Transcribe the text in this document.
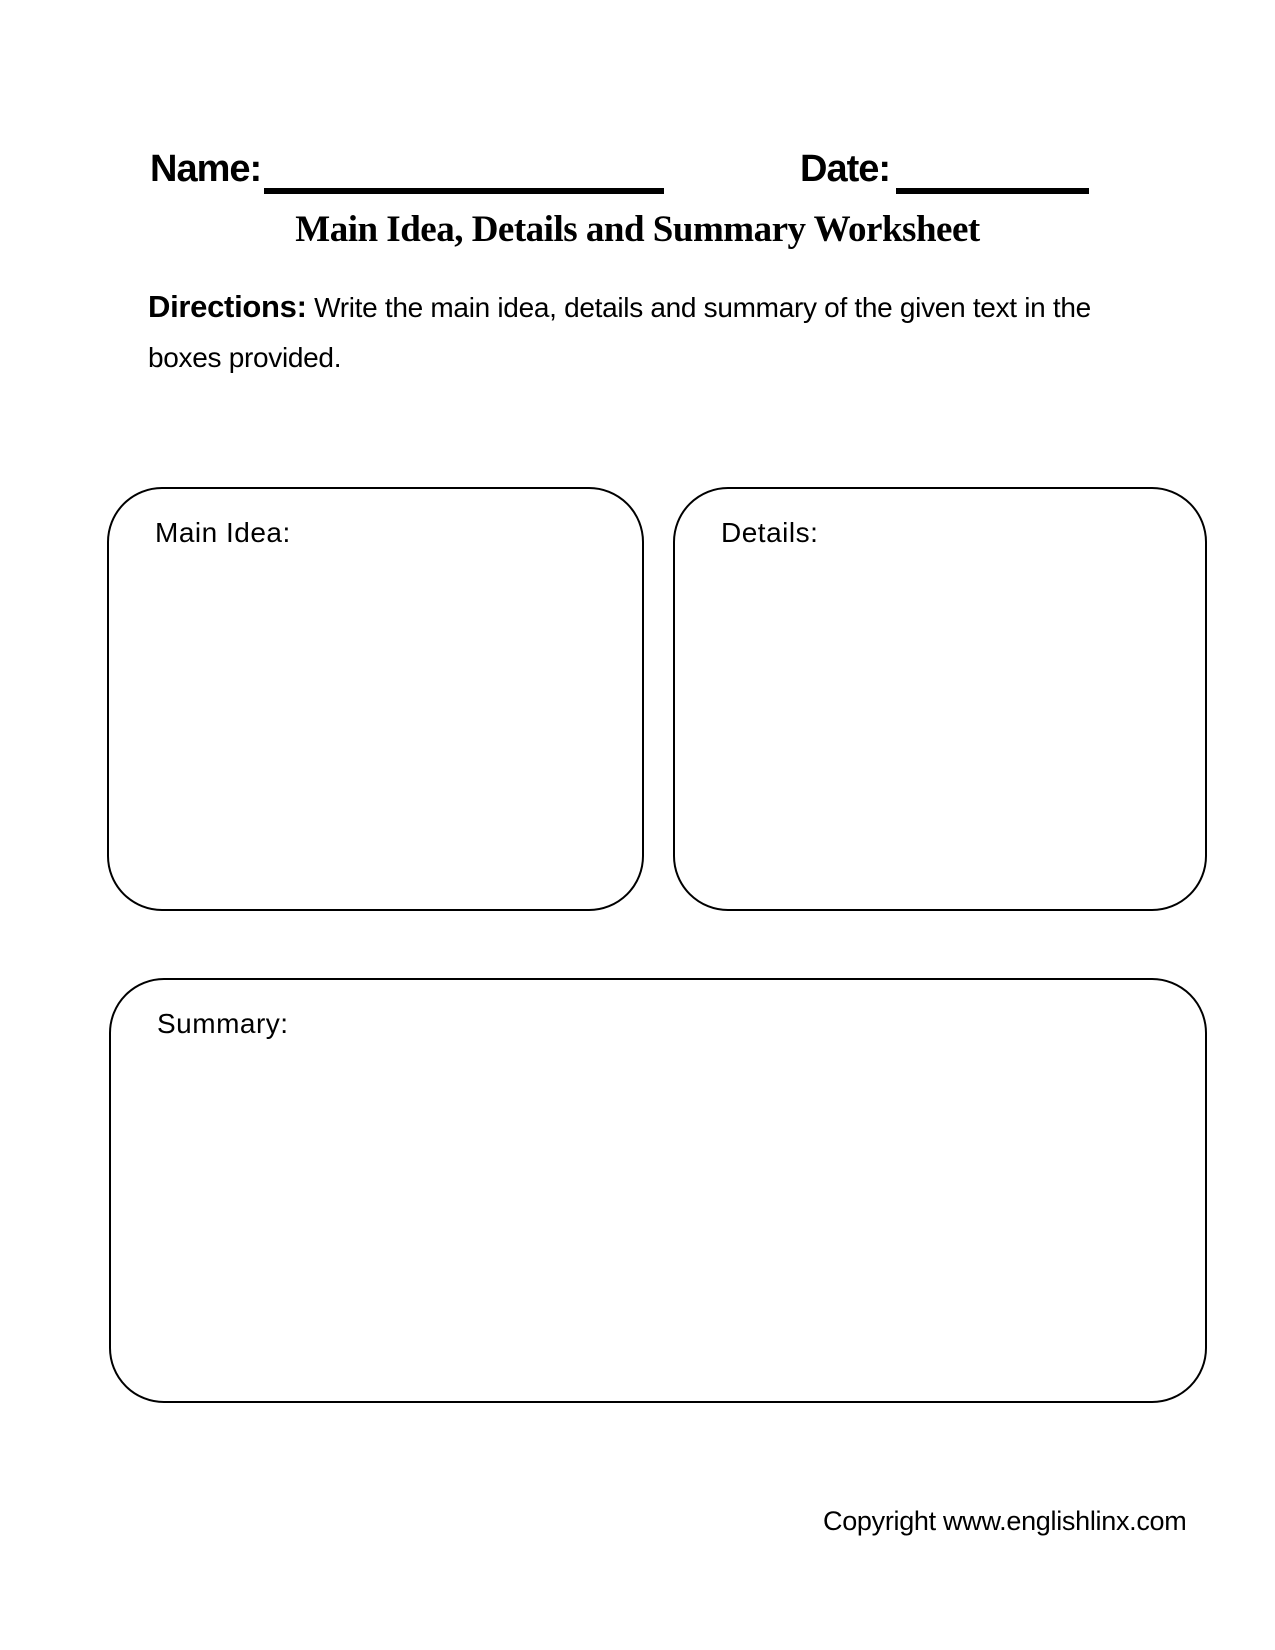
Name:	Date:
Main Idea, Details and Summary Worksheet
Directions: Write the main idea, details and summary of the given text in the boxes provided.
Main Idea:	Details:
Summary:
Copyright www.englishlinx.com
